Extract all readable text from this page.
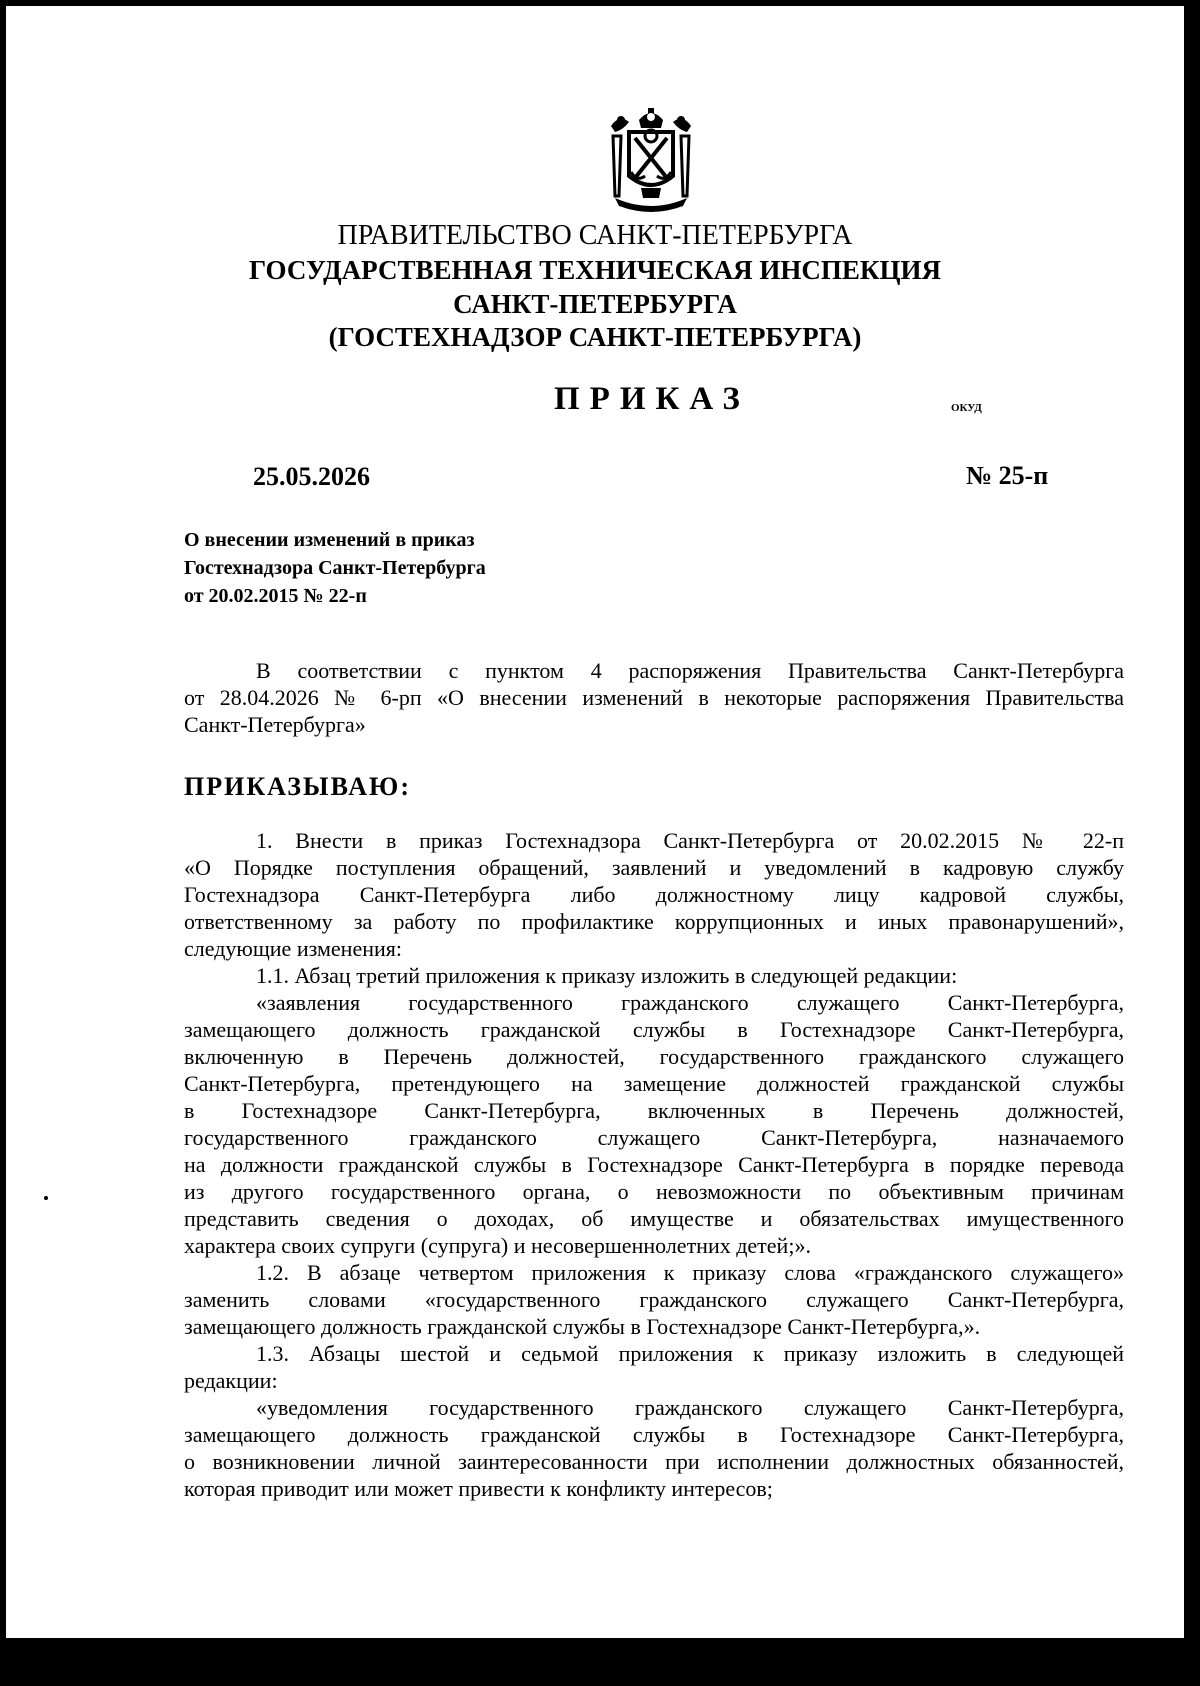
ПРАВИТЕЛЬСТВО САНКТ-ПЕТЕРБУРГА
ГОСУДАРСТВЕННАЯ ТЕХНИЧЕСКАЯ ИНСПЕКЦИЯ
САНКТ-ПЕТЕРБУРГА
(ГОСТЕХНАДЗОР САНКТ-ПЕТЕРБУРГА)
ПРИКАЗ	ОКУД
25.05.2026	№ 25-п
О внесении изменений в приказ
Гостехнадзора Санкт-Петербурга
от 20.02.2015 № 22-п
В соответствии с пунктом 4 распоряжения Правительства Санкт-Петербурга
от 28.04.2026 № 6-рп «О внесении изменений в некоторые распоряжения Правительства
Санкт-Петербурга»
ПРИКАЗЫВАЮ:
1. Внести в приказ Гостехнадзора Санкт-Петербурга от 20.02.2015 № 22-п
«О Порядке поступления обращений, заявлений и уведомлений в кадровую службу
Гостехнадзора Санкт-Петербурга либо должностному лицу кадровой службы,
ответственному за работу по профилактике коррупционных и иных правонарушений»,
следующие изменения:
1.1. Абзац третий приложения к приказу изложить в следующей редакции:
«заявления государственного гражданского служащего Санкт-Петербурга,
замещающего должность гражданской службы в Гостехнадзоре Санкт-Петербурга,
включенную в Перечень должностей, государственного гражданского служащего
Санкт-Петербурга, претендующего на замещение должностей гражданской службы
в Гостехнадзоре Санкт-Петербурга, включенных в Перечень должностей,
государственного гражданского служащего Санкт-Петербурга, назначаемого
на должности гражданской службы в Гостехнадзоре Санкт-Петербурга в порядке перевода
из другого государственного органа, о невозможности по объективным причинам
представить сведения о доходах, об имуществе и обязательствах имущественного
характера своих супруги (супруга) и несовершеннолетних детей;».
1.2. В абзаце четвертом приложения к приказу слова «гражданского служащего»
заменить словами «государственного гражданского служащего Санкт-Петербурга,
замещающего должность гражданской службы в Гостехнадзоре Санкт-Петербурга,».
1.3. Абзацы шестой и седьмой приложения к приказу изложить в следующей
редакции:
«уведомления государственного гражданского служащего Санкт-Петербурга,
замещающего должность гражданской службы в Гостехнадзоре Санкт-Петербурга,
о возникновении личной заинтересованности при исполнении должностных обязанностей,
которая приводит или может привести к конфликту интересов;
